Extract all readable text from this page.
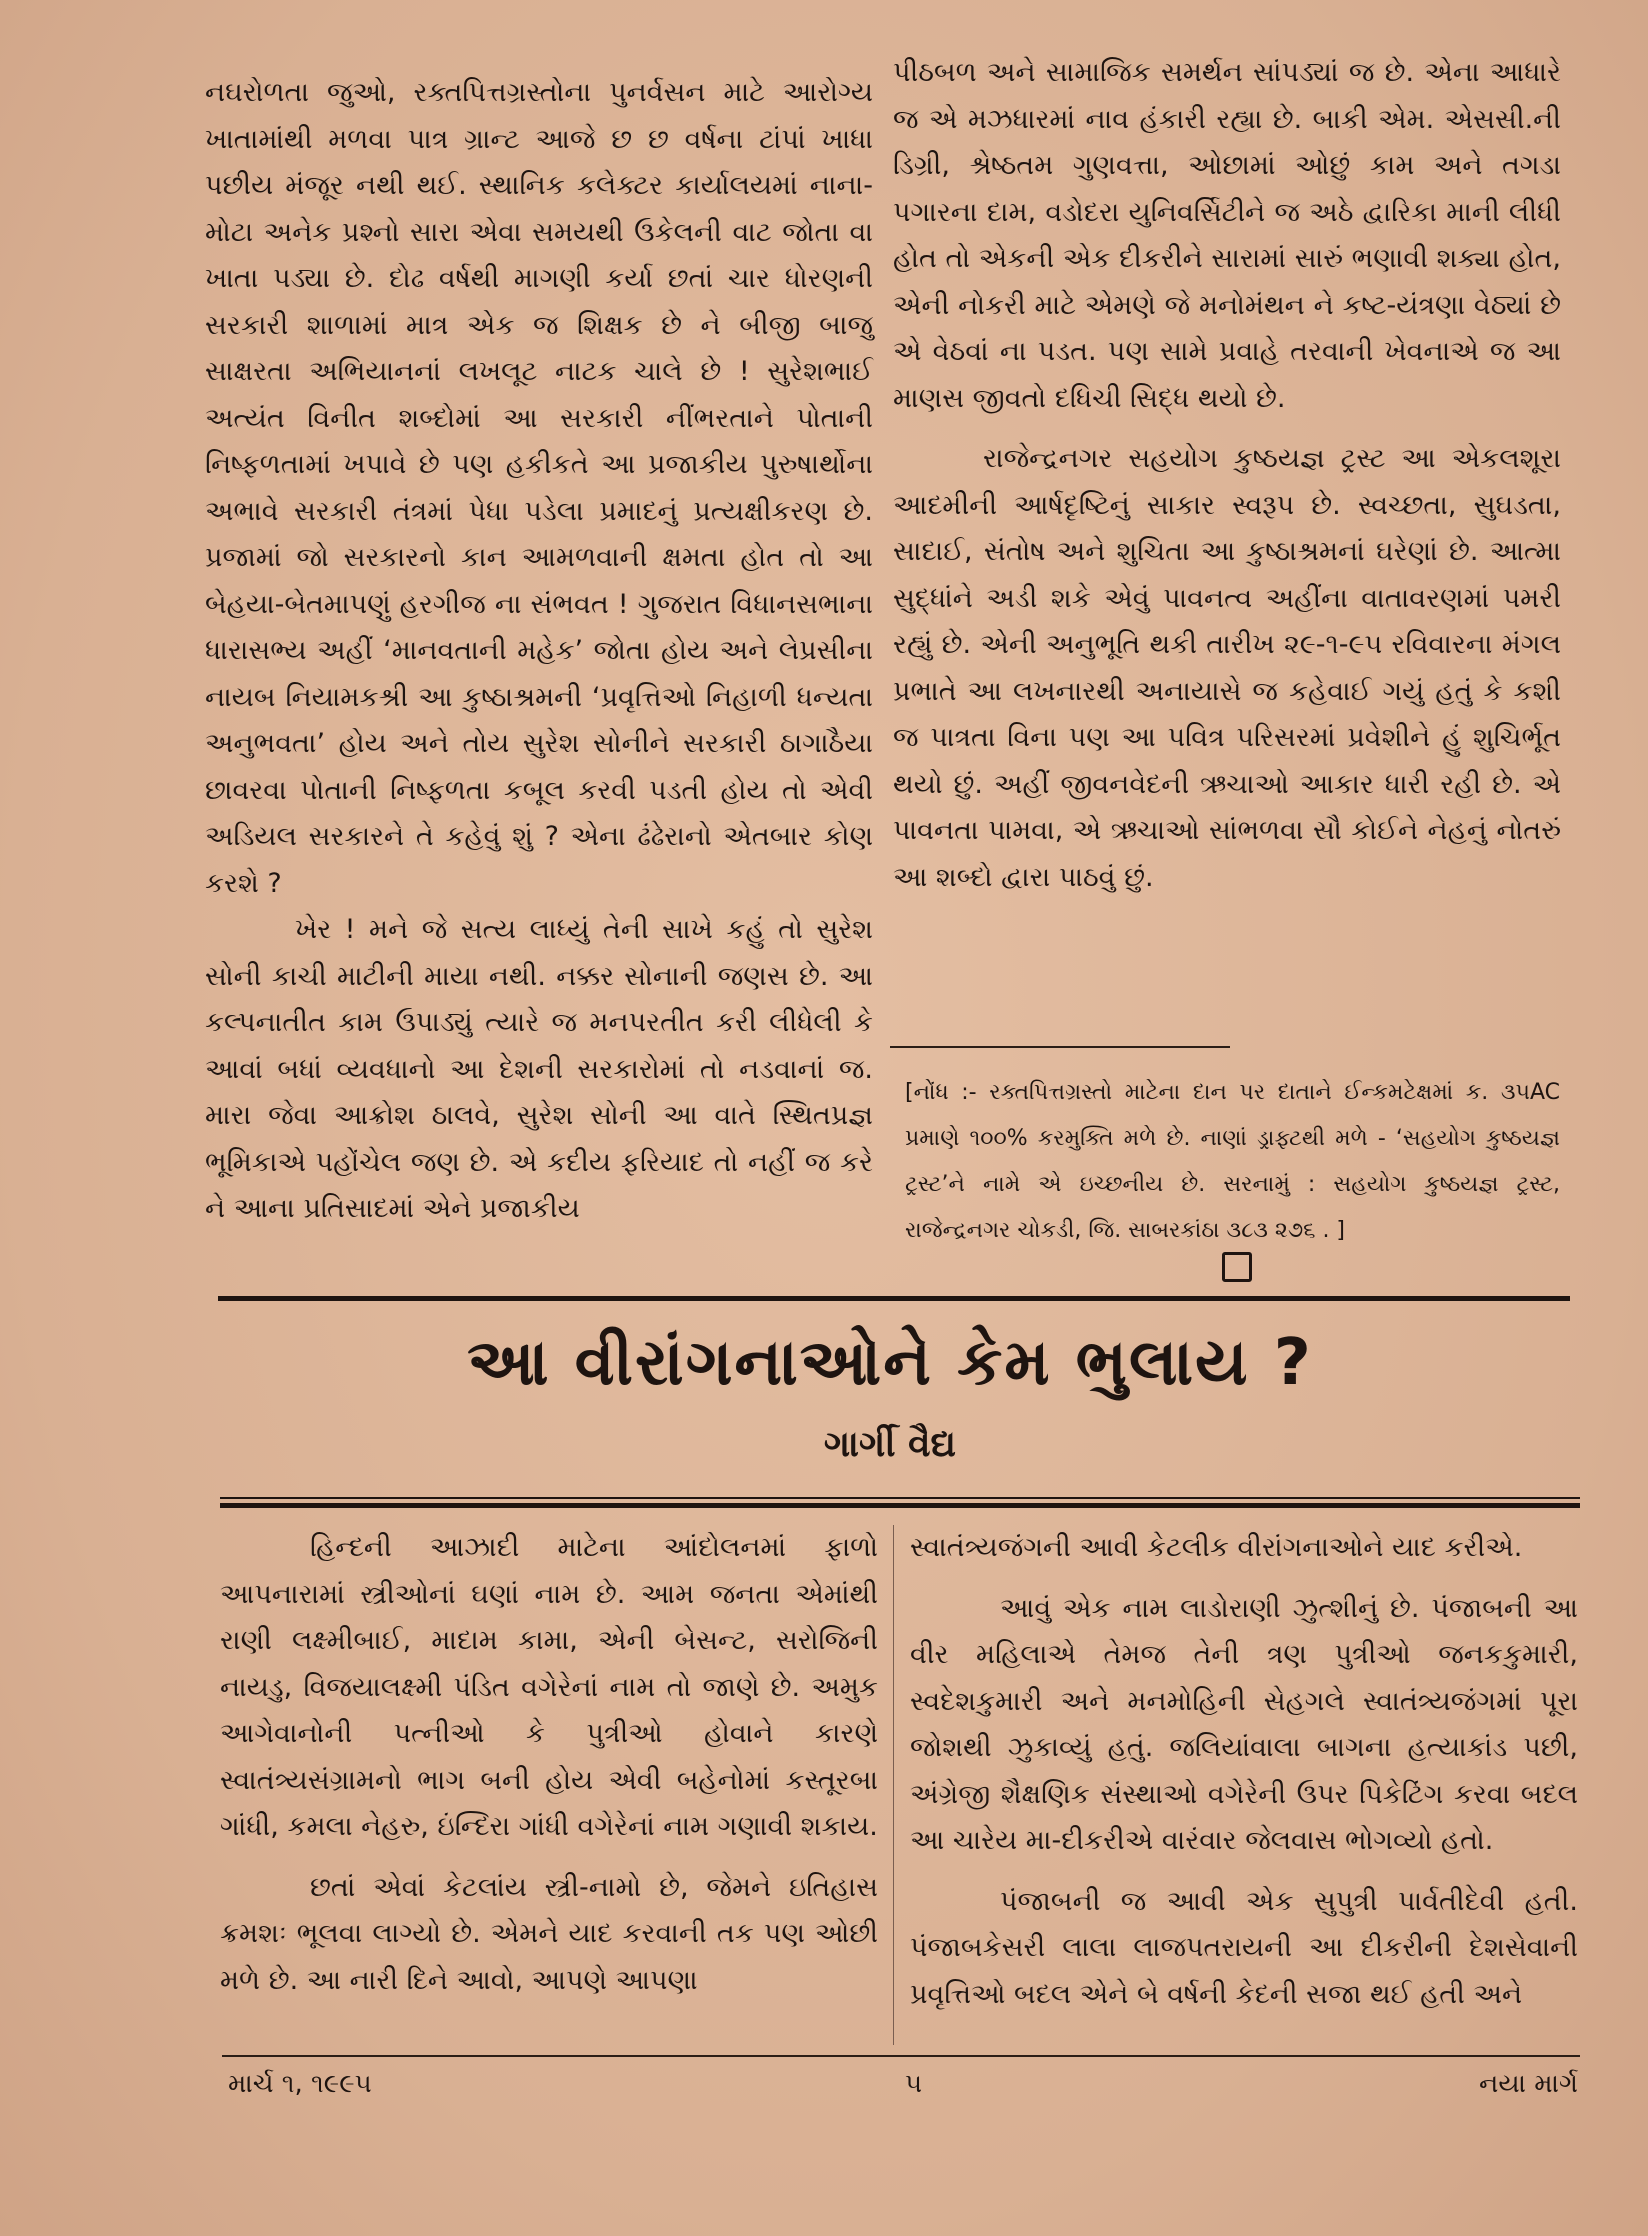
નઘરોળતા જુઓ, રક્તપિત્તગ્રસ્તોના પુનર્વસન માટે આરોગ્ય ખાતામાંથી મળવા પાત્ર ગ્રાન્ટ આજે છ છ વર્ષના ટાંપાં ખાધા પછીય મંજૂર નથી થઈ. સ્થાનિક કલેક્ટર કાર્યાલયમાં નાના-મોટા અનેક પ્રશ્નો સારા એવા સમયથી ઉકેલની વાટ જોતા વા ખાતા પડ્યા છે. દોઢ વર્ષથી માગણી કર્યા છતાં ચાર ધોરણની સરકારી શાળામાં માત્ર એક જ શિક્ષક છે ને બીજી બાજુ સાક્ષરતા અભિયાનનાં લખલૂટ નાટક ચાલે છે ! સુરેશભાઈ અત્યંત વિનીત શબ્દોમાં આ સરકારી નીંભરતાને પોતાની નિષ્ફળતામાં ખપાવે છે પણ હકીકતે આ પ્રજાકીય પુરુષાર્થોના અભાવે સરકારી તંત્રમાં પેધા પડેલા પ્રમાદનું પ્રત્યક્ષીકરણ છે. પ્રજામાં જો સરકારનો કાન આમળવાની ક્ષમતા હોત તો આ બેહયા-બેતમાપણું હરગીજ ના સંભવત ! ગુજરાત વિધાનસભાના ધારાસભ્ય અહીં ‘માનવતાની મહેક’ જોતા હોય અને લેપ્રસીના નાયબ નિયામકશ્રી આ કુષ્ઠાશ્રમની ‘પ્રવૃત્તિઓ નિહાળી ધન્યતા અનુભવતા’ હોય અને તોય સુરેશ સોનીને સરકારી ઠાગાઠૈયા છાવરવા પોતાની નિષ્ફળતા કબૂલ કરવી પડતી હોય તો એવી અડિયલ સરકારને તે કહેવું શું ? એના ઢંઢેરાનો એતબાર કોણ કરશે ?

ખેર ! મને જે સત્ય લાધ્યું તેની સાખે કહું તો સુરેશ સોની કાચી માટીની માયા નથી. નક્કર સોનાની જણસ છે. આ કલ્પનાતીત કામ ઉપાડ્યું ત્યારે જ મનપરતીત કરી લીધેલી કે આવાં બધાં વ્યવધાનો આ દેશની સરકારોમાં તો નડવાનાં જ. મારા જેવા આક્રોશ ઠાલવે, સુરેશ સોની આ વાતે સ્થિતપ્રજ્ઞ ભૂમિકાએ પહોંચેલ જણ છે. એ કદીય ફરિયાદ તો નહીં જ કરે ને આના પ્રતિસાદમાં એને પ્રજાકીય

પીઠબળ અને સામાજિક સમર્થન સાંપડ્યાં જ છે. એના આધારે જ એ મઝધારમાં નાવ હંકારી રહ્યા છે. બાકી એમ. એસસી.ની ડિગ્રી, શ્રેષ્ઠતમ ગુણવત્તા, ઓછામાં ઓછું કામ અને તગડા પગારના દામ, વડોદરા યુનિવર્સિટીને જ અઠે દ્વારિકા માની લીધી હોત તો એકની એક દીકરીને સારામાં સારું ભણાવી શક્યા હોત, એની નોકરી માટે એમણે જે મનોમંથન ને કષ્ટ-યંત્રણા વેઠ્યાં છે એ વેઠવાં ના પડત. પણ સામે પ્રવાહે તરવાની ખેવનાએ જ આ માણસ જીવતો દધિચી સિદ્ધ થયો છે.

રાજેન્દ્રનગર સહયોગ કુષ્ઠયજ્ઞ ટ્રસ્ટ આ એકલશૂરા આદમીની આર્ષદૃષ્ટિનું સાકાર સ્વરૂપ છે. સ્વચ્છતા, સુઘડતા, સાદાઈ, સંતોષ અને શુચિતા આ કુષ્ઠાશ્રમનાં ઘરેણાં છે. આત્મા સુદ્ધાંને અડી શકે એવું પાવનત્વ અહીંના વાતાવરણમાં પમરી રહ્યું છે. એની અનુભૂતિ થકી તારીખ ૨૯-૧-૯૫ રવિવારના મંગલ પ્રભાતે આ લખનારથી અનાયાસે જ કહેવાઈ ગયું હતું કે કશી જ પાત્રતા વિના પણ આ પવિત્ર પરિસરમાં પ્રવેશીને હું શુચિર્ભૂત થયો છું. અહીં જીવનવેદની ઋચાઓ આકાર ધારી રહી છે. એ પાવનતા પામવા, એ ઋચાઓ સાંભળવા સૌ કોઈને નેહનું નોતરું આ શબ્દો દ્વારા પાઠવું છું.

[નોંધ :- રક્તપિત્તગ્રસ્તો માટેના દાન પર દાતાને ઈન્કમટેક્ષમાં ક. ૩૫AC પ્રમાણે ૧૦૦% કરમુક્તિ મળે છે. નાણાં ડ્રાફ્ટથી મળે - ‘સહયોગ કુષ્ઠયજ્ઞ ટ્રસ્ટ’ને નામે એ ઇચ્છનીય છે. સરનામું : સહયોગ કુષ્ઠયજ્ઞ ટ્રસ્ટ, રાજેન્દ્રનગર ચોકડી, જિ. સાબરકાંઠા ૩૮૩ ૨૭૬ . ]
આ વીરાંગનાઓને કેમ ભુલાય ?
ગાર્ગી વૈદ્ય

હિન્દની આઝાદી માટેના આંદોલનમાં ફાળો આપનારામાં સ્ત્રીઓનાં ઘણાં નામ છે. આમ જનતા એમાંથી રાણી લક્ષ્મીબાઈ, માદામ કામા, એની બેસન્ટ, સરોજિની નાયડુ, વિજયાલક્ષ્મી પંડિત વગેરેનાં નામ તો જાણે છે. અમુક આગેવાનોની પત્નીઓ કે પુત્રીઓ હોવાને કારણે સ્વાતંત્ર્યસંગ્રામનો ભાગ બની હોય એવી બહેનોમાં કસ્તૂરબા ગાંધી, કમલા નેહરુ, ઇંન્દિરા ગાંધી વગેરેનાં નામ ગણાવી શકાય.

છતાં એવાં કેટલાંય સ્ત્રી-નામો છે, જેમને ઇતિહાસ ક્રમશઃ ભૂલવા લાગ્યો છે. એમને યાદ કરવાની તક પણ ઓછી મળે છે. આ નારી દિને આવો, આપણે આપણા

સ્વાતંત્ર્યજંગની આવી કેટલીક વીરાંગનાઓને યાદ કરીએ.

આવું એક નામ લાડોરાણી ઝુત્શીનું છે. પંજાબની આ વીર મહિલાએ તેમજ તેની ત્રણ પુત્રીઓ જનકકુમારી, સ્વદેશકુમારી અને મનમોહિની સેહગલે સ્વાતંત્ર્યજંગમાં પૂરા જોશથી ઝુકાવ્યું હતું. જલિયાંવાલા બાગના હત્યાકાંડ પછી, અંગ્રેજી શૈક્ષણિક સંસ્થાઓ વગેરેની ઉપર પિકેટિંગ કરવા બદલ આ ચારેય મા-દીકરીએ વારંવાર જેલવાસ ભોગવ્યો હતો.

પંજાબની જ આવી એક સુપુત્રી પાર્વતીદેવી હતી. પંજાબકેસરી લાલા લાજપતરાયની આ દીકરીની દેશસેવાની પ્રવૃત્તિઓ બદલ એને બે વર્ષની કેદની સજા થઈ હતી અને

માર્ચ ૧, ૧૯૯૫	૫	નયા માર્ગ
